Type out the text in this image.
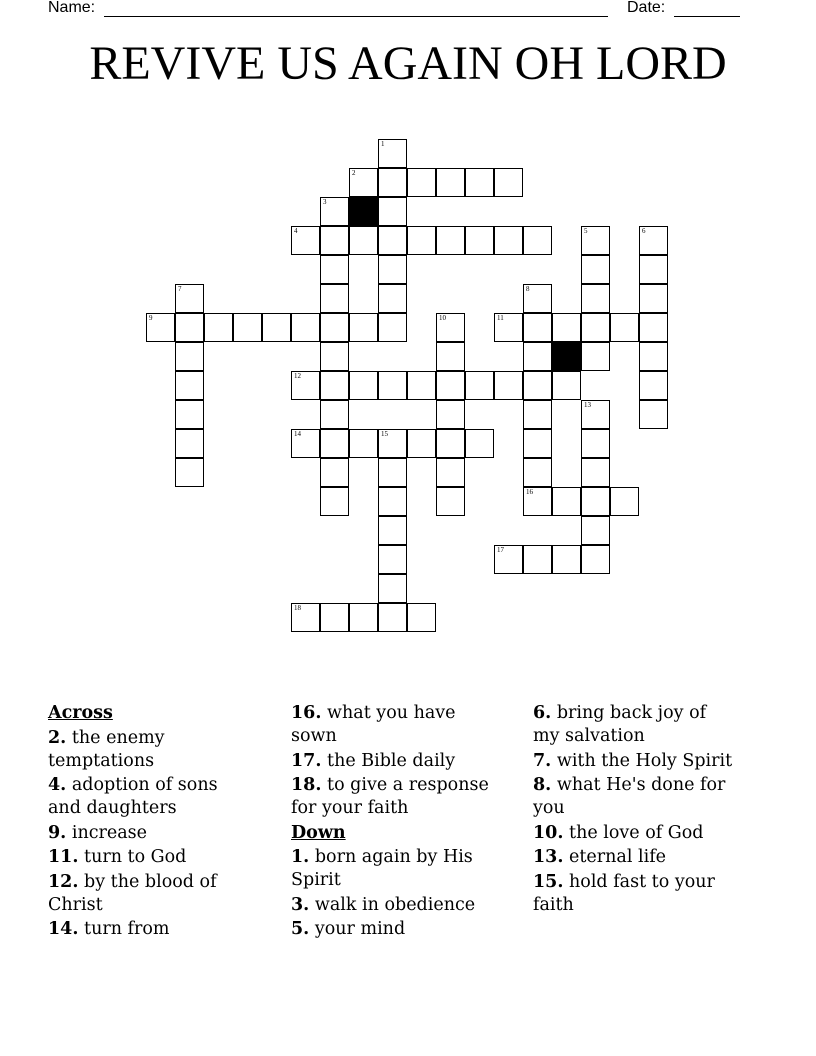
Name:	Date:
REVIVE US AGAIN OH LORD
1
2
3
4	5	6
7	8
9	10	11
12
13
14	15
16
17
18
Across
2. the enemy temptations
4. adoption of sons and daughters
9. increase
11. turn to God
12. by the blood of Christ
14. turn from
16. what you have sown
17. the Bible daily
18. to give a response for your faith
Down
1. born again by His Spirit
3. walk in obedience
5. your mind
6. bring back joy of my salvation
7. with the Holy Spirit
8. what He's done for you
10. the love of God
13. eternal life
15. hold fast to your faith
